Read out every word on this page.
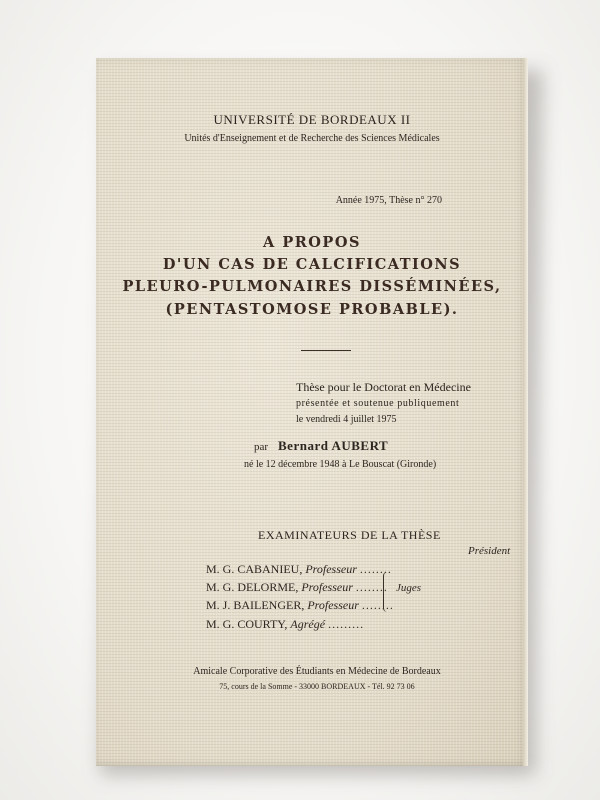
UNIVERSITÉ DE BORDEAUX II
Unités d'Enseignement et de Recherche des Sciences Médicales
Année 1975, Thèse n° 270
A PROPOS
D'UN CAS DE CALCIFICATIONS
PLEURO-PULMONAIRES DISSÉMINÉES,
(PENTASTOMOSE PROBABLE).
Thèse pour le Doctorat en Médecine
présentée et soutenue publiquement
le vendredi 4 juillet 1975
par Bernard AUBERT
né le 12 décembre 1948 à Le Bouscat (Gironde)
EXAMINATEURS DE LA THÈSE
Président
M. G. CABANIEU, Professeur ........
M. G. DELORME, Professeur ........
M. J. BAILENGER, Professeur ........
M. G. COURTY, Agrégé .........
Juges
Amicale Corporative des Étudiants en Médecine de Bordeaux
75, cours de la Somme - 33000 BORDEAUX - Tél. 92 73 06
